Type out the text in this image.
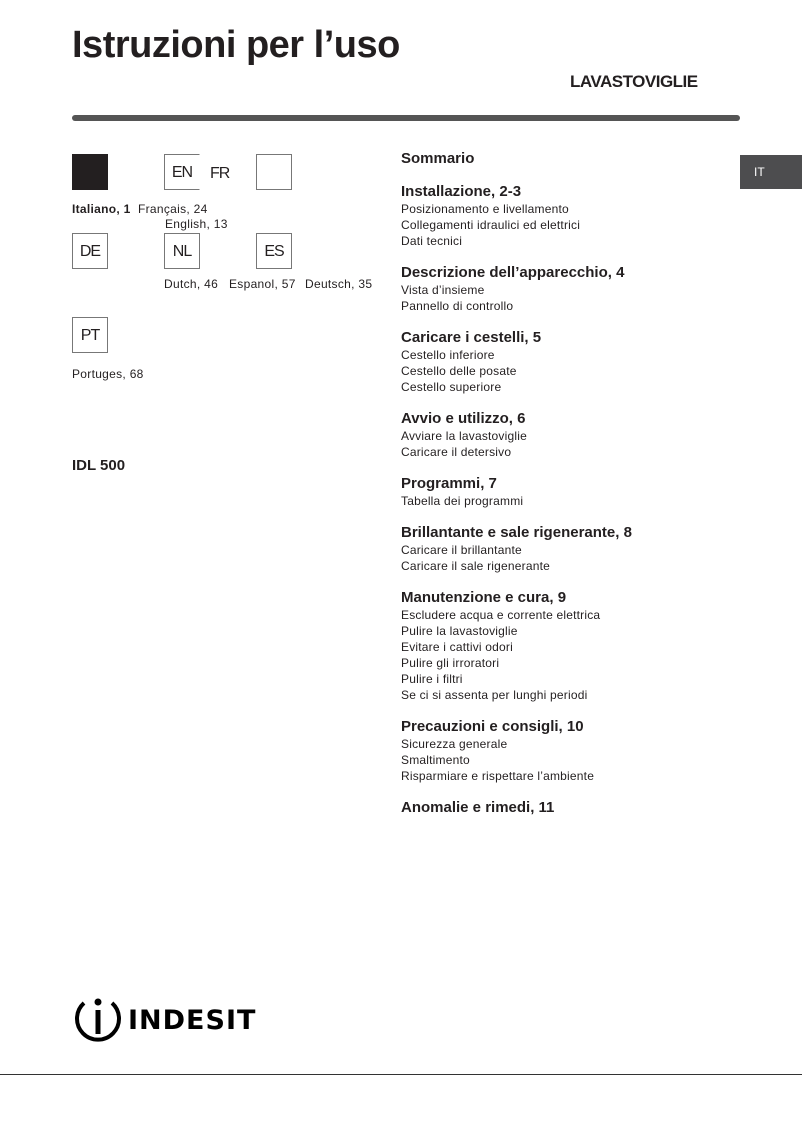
Istruzioni per l’uso
LAVASTOVIGLIE
IT
EN	FR
Italiano, 1 Français, 24
English, 13
DE	NL	ES
Dutch, 46 Espanol, 57 Deutsch, 35
PT
Portuges, 68
IDL 500
Sommario
Installazione, 2-3
Posizionamento e livellamento
Collegamenti idraulici ed elettrici
Dati tecnici
Descrizione dell’apparecchio, 4
Vista d’insieme
Pannello di controllo
Caricare i cestelli, 5
Cestello inferiore
Cestello delle posate
Cestello superiore
Avvio e utilizzo, 6
Avviare la lavastoviglie
Caricare il detersivo
Programmi, 7
Tabella dei programmi
Brillantante e sale rigenerante, 8
Caricare il brillantante
Caricare il sale rigenerante
Manutenzione e cura, 9
Escludere acqua e corrente elettrica
Pulire la lavastoviglie
Evitare i cattivi odori
Pulire gli irroratori
Pulire i filtri
Se ci si assenta per lunghi periodi
Precauzioni e consigli, 10
Sicurezza generale
Smaltimento
Risparmiare e rispettare l’ambiente
Anomalie e rimedi, 11
INDESIT
